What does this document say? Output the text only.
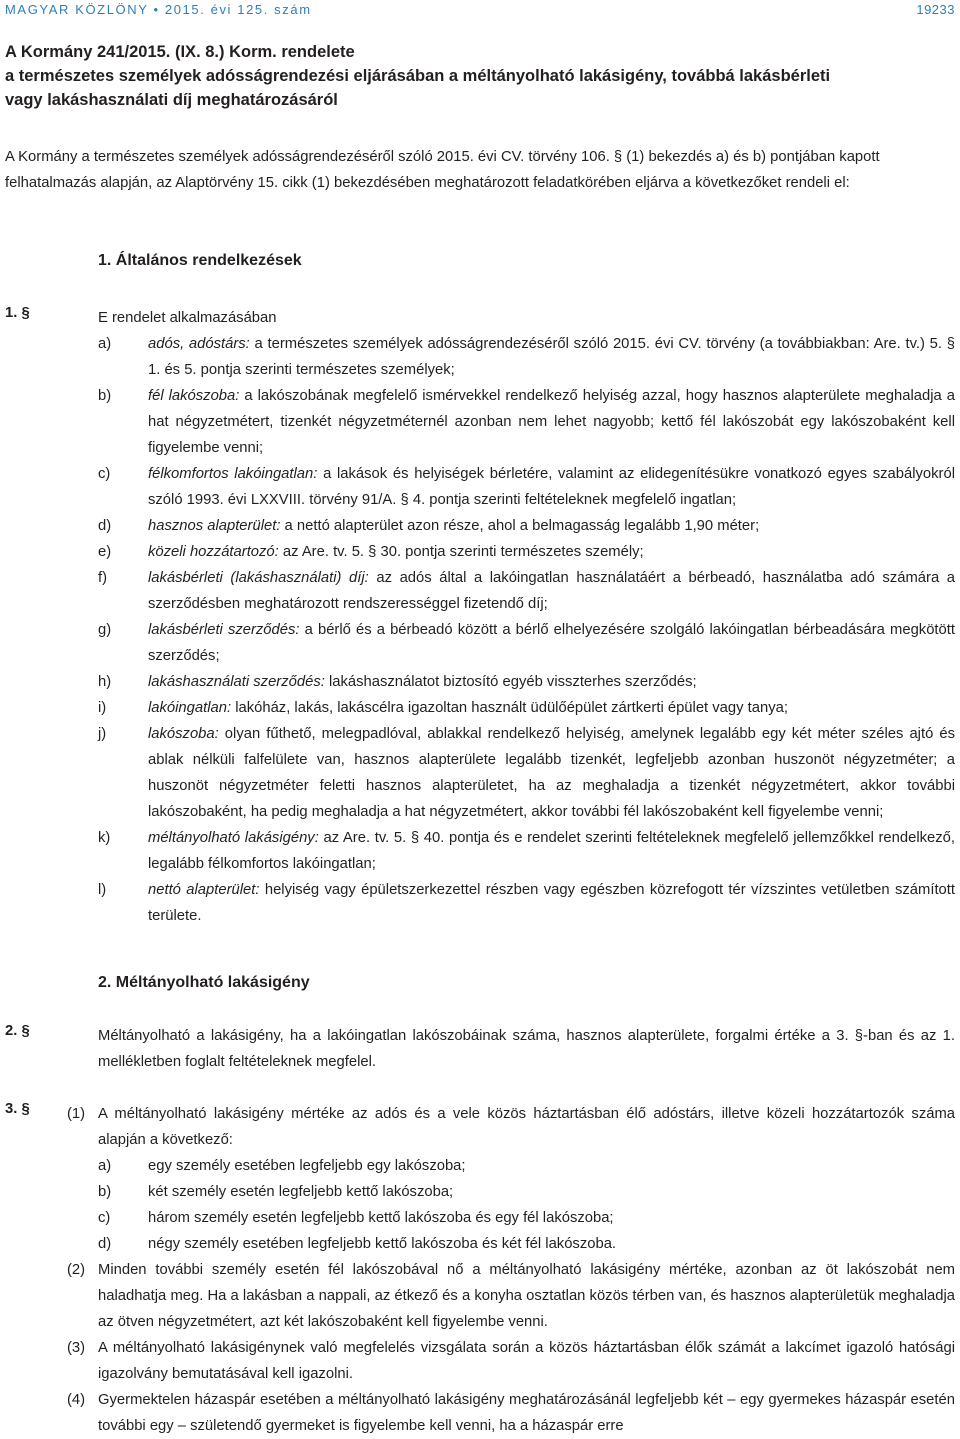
MAGYAR KÖZLÖNY • 2015. évi 125. szám	19233
A Kormány 241/2015. (IX. 8.) Korm. rendelete
a természetes személyek adósságrendezési eljárásában a méltányolható lakásigény, továbbá lakásbérleti
vagy lakáshasználati díj meghatározásáról
A Kormány a természetes személyek adósságrendezéséről szóló 2015. évi CV. törvény 106. § (1) bekezdés a) és b) pontjában kapott felhatalmazás alapján, az Alaptörvény 15. cikk (1) bekezdésében meghatározott feladatkörében eljárva a következőket rendeli el:
1. Általános rendelkezések
1. §	E rendelet alkalmazásában
a) adós, adóstárs: a természetes személyek adósságrendezéséről szóló 2015. évi CV. törvény (a továbbiakban: Are. tv.) 5. § 1. és 5. pontja szerinti természetes személyek;
b) fél lakószoba: a lakószobának megfelelő ismérvekkel rendelkező helyiség azzal, hogy hasznos alapterülete meghaladja a hat négyzetmétert, tizenkét négyzetméternél azonban nem lehet nagyobb; kettő fél lakószobát egy lakószobaként kell figyelembe venni;
c)	félkomfortos lakóingatlan: a lakások és helyiségek bérletére, valamint az elidegenítésükre vonatkozó egyes szabályokról szóló 1993. évi LXXVIII. törvény 91/A. § 4. pontja szerinti feltételeknek megfelelő ingatlan;
d) hasznos alapterület: a nettó alapterület azon része, ahol a belmagasság legalább 1,90 méter;
e) közeli hozzátartozó: az Are. tv. 5. § 30. pontja szerinti természetes személy;
f)	lakásbérleti (lakáshasználati) díj: az adós által a lakóingatlan használatáért a bérbeadó, használatba adó számára a szerződésben meghatározott rendszerességgel fizetendő díj;
g) lakásbérleti szerződés: a bérlő és a bérbeadó között a bérlő elhelyezésére szolgáló lakóingatlan bérbeadására megkötött szerződés;
h) lakáshasználati szerződés: lakáshasználatot biztosító egyéb visszterhes szerződés;
i)	lakóingatlan: lakóház, lakás, lakáscélra igazoltan használt üdülőépület zártkerti épület vagy tanya;
j)	lakószoba: olyan fűthető, melegpadlóval, ablakkal rendelkező helyiség, amelynek legalább egy két méter széles ajtó és ablak nélküli falfelülete van, hasznos alapterülete legalább tizenkét, legfeljebb azonban huszonöt négyzetméter; a huszonöt négyzetméter feletti hasznos alapterületet, ha az meghaladja a tizenkét négyzetmétert, akkor további lakószobaként, ha pedig meghaladja a hat négyzetmétert, akkor további fél lakószobaként kell figyelembe venni;
k)	méltányolható lakásigény: az Are. tv. 5. § 40. pontja és e rendelet szerinti feltételeknek megfelelő jellemzőkkel rendelkező, legalább félkomfortos lakóingatlan;
l)	nettó alapterület: helyiség vagy épületszerkezettel részben vagy egészben közrefogott tér vízszintes vetületben számított területe.
2. Méltányolható lakásigény
2. §	Méltányolható a lakásigény, ha a lakóingatlan lakószobáinak száma, hasznos alapterülete, forgalmi értéke a 3. §-ban és az 1. mellékletben foglalt feltételeknek megfelel.
3. §	(1) A méltányolható lakásigény mértéke az adós és a vele közös háztartásban élő adóstárs, illetve közeli hozzátartozók száma alapján a következő:
a) egy személy esetében legfeljebb egy lakószoba;
b) két személy esetén legfeljebb kettő lakószoba;
c)	három személy esetén legfeljebb kettő lakószoba és egy fél lakószoba;
d) négy személy esetében legfeljebb kettő lakószoba és két fél lakószoba.
(2) Minden további személy esetén fél lakószobával nő a méltányolható lakásigény mértéke, azonban az öt lakószobát nem haladhatja meg. Ha a lakásban a nappali, az étkező és a konyha osztatlan közös térben van, és hasznos alapterületük meghaladja az ötven négyzetmétert, azt két lakószobaként kell figyelembe venni.
(3) A méltányolható lakásigénynek való megfelelés vizsgálata során a közös háztartásban élők számát a lakcímet igazoló hatósági igazolvány bemutatásával kell igazolni.
(4) Gyermektelen házaspár esetében a méltányolható lakásigény meghatározásánál legfeljebb két – egy gyermekes házaspár esetén további egy – születendő gyermeket is figyelembe kell venni, ha a házaspár erre
